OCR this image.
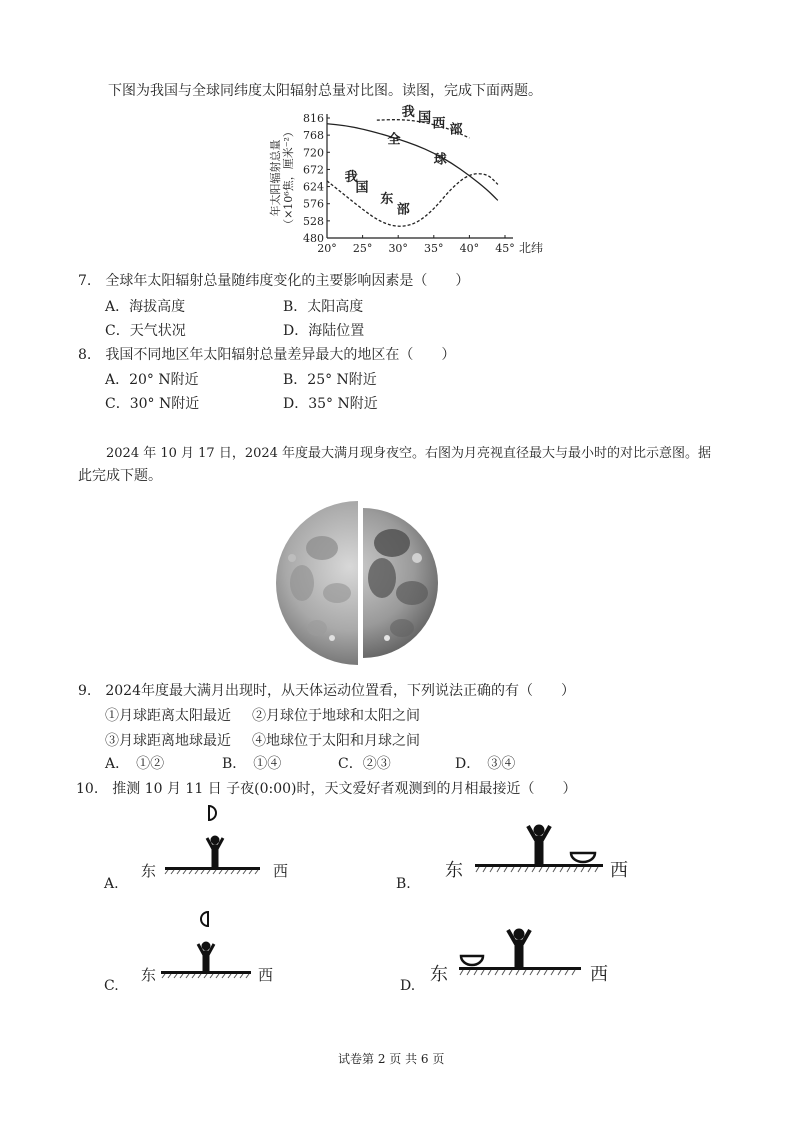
下图为我国与全球同纬度太阳辐射总量对比图。读图，完成下面两题。
816
768
720
672
624
576
528
480
20° 25° 30° 35° 40° 45° 北纬
年太阳辐射总量 （×10⁶焦，厘米⁻²）	全
球
我 国 西 部
我
国
东
部
7.　全球年太阳辐射总量随纬度变化的主要影响因素是（　　）
A．海拔高度	B．太阳高度
C．天气状况	D．海陆位置
8.　我国不同地区年太阳辐射总量差异最大的地区在（　　）
A．20° N附近	B．25° N附近
C．30° N附近	D．35° N附近
2024 年 10 月 17 日，2024 年度最大满月现身夜空。右图为月亮视直径最大与最小时的对比示意图。据
此完成下题。
9.　2024年度最大满月出现时，从天体运动位置看，下列说法正确的有（　　）
①月球距离太阳最近 ②月球位于地球和太阳之间
③月球距离地球最近 ④地球位于太阳和月球之间
A．　①②	B．　①④	C．②③	D．　③④
10.　推测 10 月 11 日 子夜(0:00)时，天文爱好者观测到的月相最接近（　　）
A.
东	西
B.
东	西
C.
东	西
D.
东	西
试卷第 2 页 共 6 页
